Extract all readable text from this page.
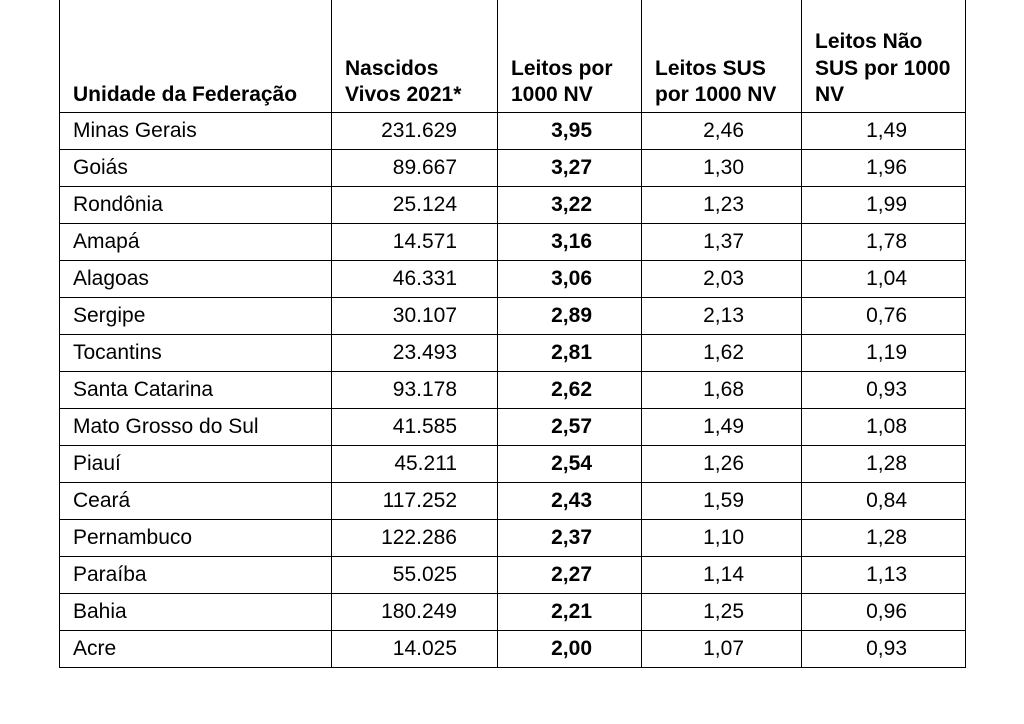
Unidade da Federação	Nascidos Vivos 2021*	Leitos por 1000 NV	Leitos SUS por 1000 NV	Leitos Não SUS por 1000 NV
Minas Gerais	231.629	3,95	2,46	1,49
Goiás	89.667	3,27	1,30	1,96
Rondônia	25.124	3,22	1,23	1,99
Amapá	14.571	3,16	1,37	1,78
Alagoas	46.331	3,06	2,03	1,04
Sergipe	30.107	2,89	2,13	0,76
Tocantins	23.493	2,81	1,62	1,19
Santa Catarina	93.178	2,62	1,68	0,93
Mato Grosso do Sul	41.585	2,57	1,49	1,08
Piauí	45.211	2,54	1,26	1,28
Ceará	117.252	2,43	1,59	0,84
Pernambuco	122.286	2,37	1,10	1,28
Paraíba	55.025	2,27	1,14	1,13
Bahia	180.249	2,21	1,25	0,96
Acre	14.025	2,00	1,07	0,93
